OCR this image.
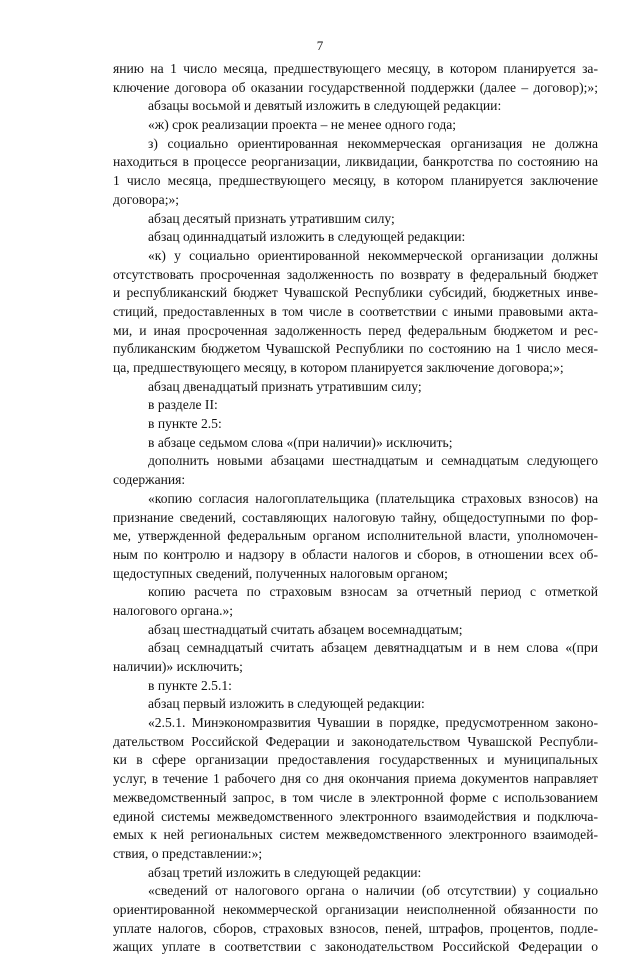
7
янию на 1 число месяца, предшествующего месяцу, в котором планируется за-
ключение договора об оказании государственной поддержки (далее – договор);»;
абзацы восьмой и девятый изложить в следующей редакции:
«ж) срок реализации проекта – не менее одного года;
з) социально ориентированная некоммерческая организация не должна
находиться в процессе реорганизации, ликвидации, банкротства по состоянию на
1 число месяца, предшествующего месяцу, в котором планируется заключение
договора;»;
абзац десятый признать утратившим силу;
абзац одиннадцатый изложить в следующей редакции:
«к) у социально ориентированной некоммерческой организации должны
отсутствовать просроченная задолженность по возврату в федеральный бюджет
и республиканский бюджет Чувашской Республики субсидий, бюджетных инве-
стиций, предоставленных в том числе в соответствии с иными правовыми акта-
ми, и иная просроченная задолженность перед федеральным бюджетом и рес-
публиканским бюджетом Чувашской Республики по состоянию на 1 число меся-
ца, предшествующего месяцу, в котором планируется заключение договора;»;
абзац двенадцатый признать утратившим силу;
в разделе II:
в пункте 2.5:
в абзаце седьмом слова «(при наличии)» исключить;
дополнить новыми абзацами шестнадцатым и семнадцатым следующего
содержания:
«копию согласия налогоплательщика (плательщика страховых взносов) на
признание сведений, составляющих налоговую тайну, общедоступными по фор-
ме, утвержденной федеральным органом исполнительной власти, уполномочен-
ным по контролю и надзору в области налогов и сборов, в отношении всех об-
щедоступных сведений, полученных налоговым органом;
копию расчета по страховым взносам за отчетный период с отметкой
налогового органа.»;
абзац шестнадцатый считать абзацем восемнадцатым;
абзац семнадцатый считать абзацем девятнадцатым и в нем слова «(при
наличии)» исключить;
в пункте 2.5.1:
абзац первый изложить в следующей редакции:
«2.5.1. Минэкономразвития Чувашии в порядке, предусмотренном законо-
дательством Российской Федерации и законодательством Чувашской Республи-
ки в сфере организации предоставления государственных и муниципальных
услуг, в течение 1 рабочего дня со дня окончания приема документов направляет
межведомственный запрос, в том числе в электронной форме с использованием
единой системы межведомственного электронного взаимодействия и подключа-
емых к ней региональных систем межведомственного электронного взаимодей-
ствия, о представлении:»;
абзац третий изложить в следующей редакции:
«сведений от налогового органа о наличии (об отсутствии) у социально
ориентированной некоммерческой организации неисполненной обязанности по
уплате налогов, сборов, страховых взносов, пеней, штрафов, процентов, подле-
жащих уплате в соответствии с законодательством Российской Федерации о
